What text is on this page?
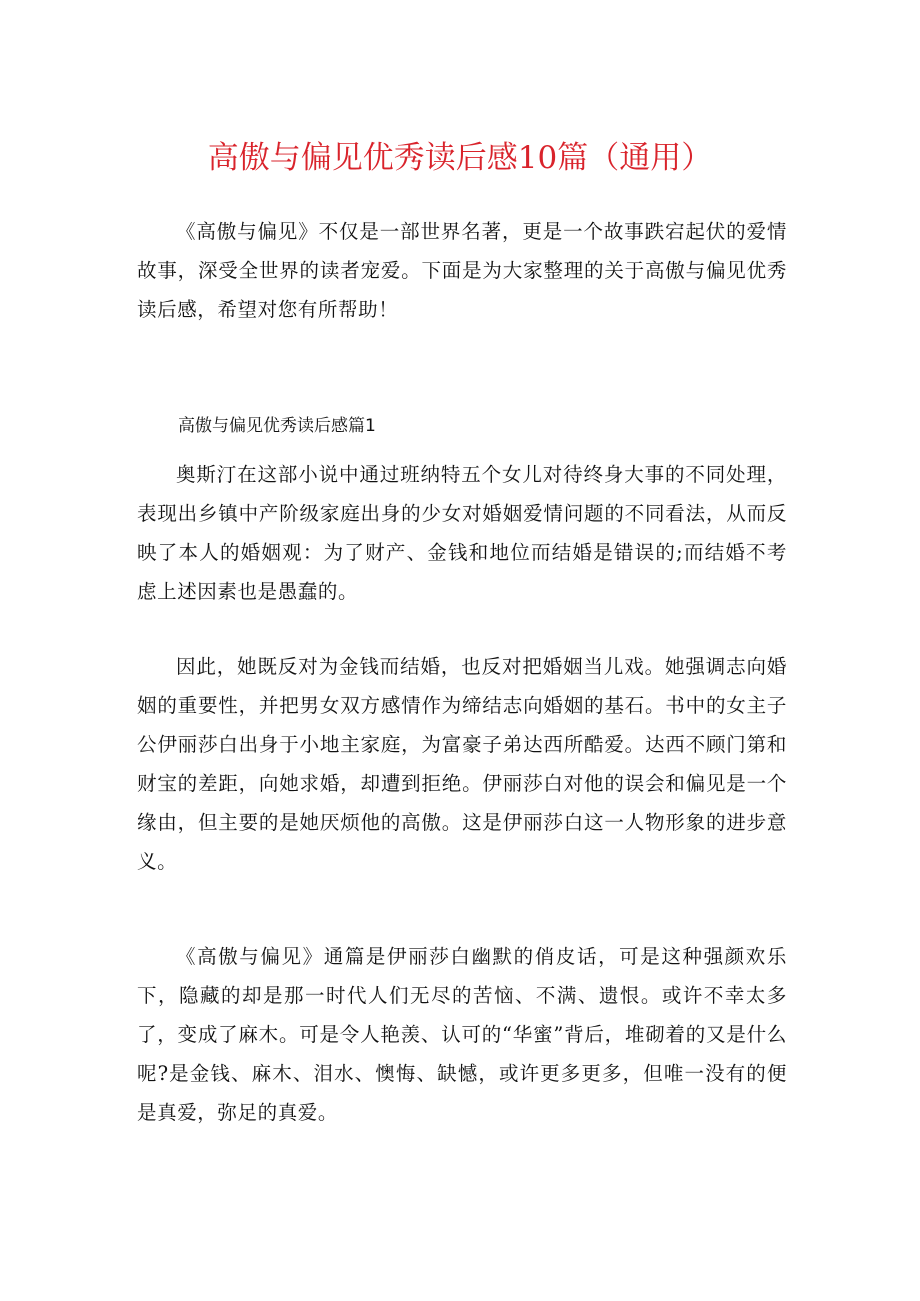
高傲与偏见优秀读后感10篇（通用）

《高傲与偏见》不仅是一部世界名著，更是一个故事跌宕起伏的爱情故事，深受全世界的读者宠爱。下面是为大家整理的关于高傲与偏见优秀读后感，希望对您有所帮助！

高傲与偏见优秀读后感篇1

奥斯汀在这部小说中通过班纳特五个女儿对待终身大事的不同处理，表现出乡镇中产阶级家庭出身的少女对婚姻爱情问题的不同看法，从而反映了本人的婚姻观：为了财产、金钱和地位而结婚是错误的;而结婚不考虑上述因素也是愚蠢的。

因此，她既反对为金钱而结婚，也反对把婚姻当儿戏。她强调志向婚姻的重要性，并把男女双方感情作为缔结志向婚姻的基石。书中的女主子公伊丽莎白出身于小地主家庭，为富豪子弟达西所酷爱。达西不顾门第和财宝的差距，向她求婚，却遭到拒绝。伊丽莎白对他的误会和偏见是一个缘由，但主要的是她厌烦他的高傲。这是伊丽莎白这一人物形象的进步意义。

《高傲与偏见》通篇是伊丽莎白幽默的俏皮话，可是这种强颜欢乐下，隐藏的却是那一时代人们无尽的苦恼、不满、遗恨。或许不幸太多了，变成了麻木。可是令人艳羡、认可的“华蜜”背后，堆砌着的又是什么呢?是金钱、麻木、泪水、懊悔、缺憾，或许更多更多，但唯一没有的便是真爱，弥足的真爱。
